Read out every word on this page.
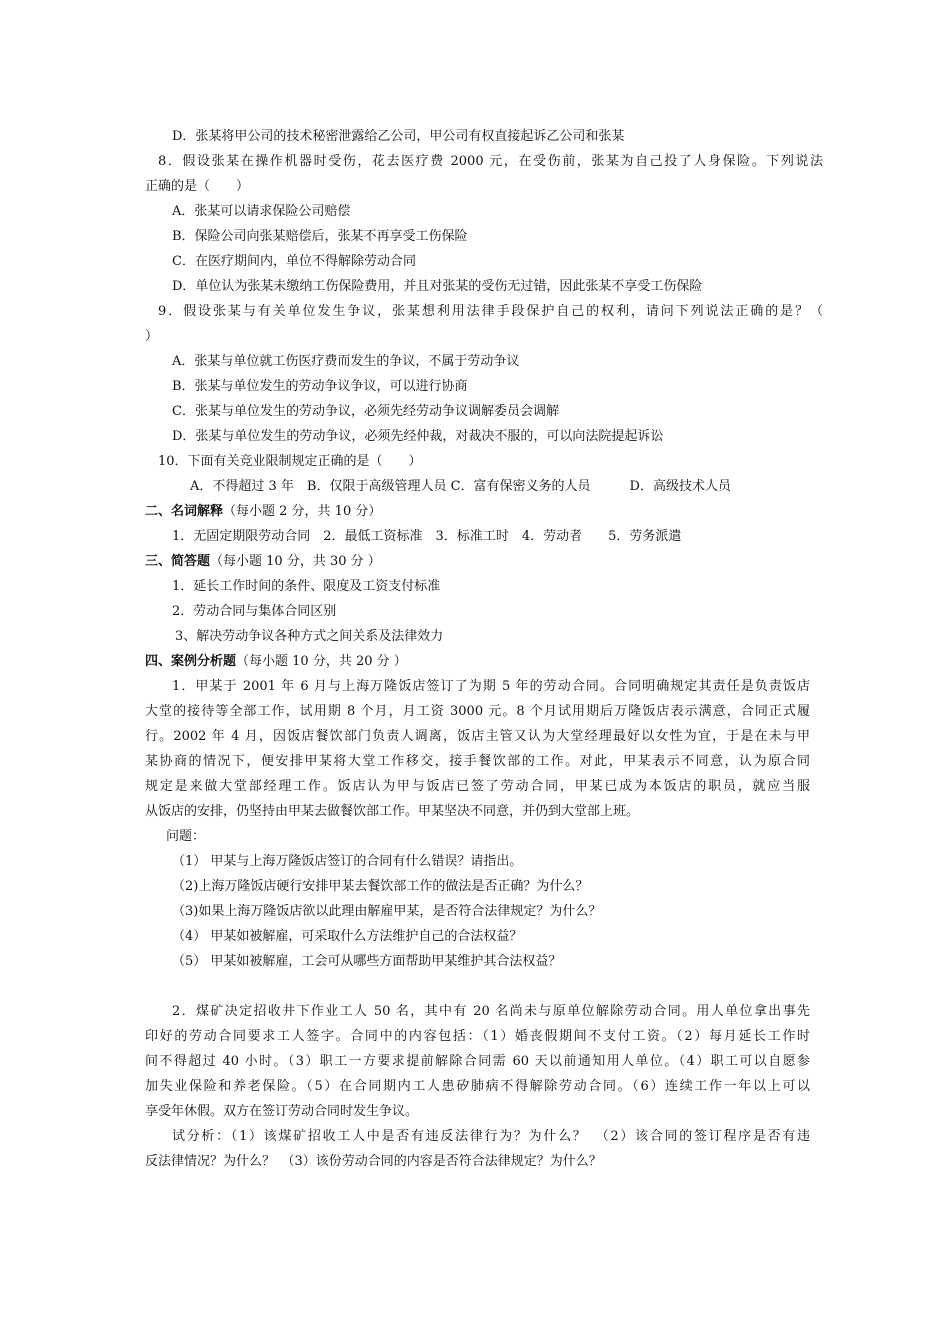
D．张某将甲公司的技术秘密泄露给乙公司，甲公司有权直接起诉乙公司和张某
8．假设张某在操作机器时受伤，花去医疗费 2000 元，在受伤前，张某为自己投了人身保险。下列说法
正确的是（　　）
A．张某可以请求保险公司赔偿
B．保险公司向张某赔偿后，张某不再享受工伤保险
C．在医疗期间内，单位不得解除劳动合同
D．单位认为张某未缴纳工伤保险费用，并且对张某的受伤无过错，因此张某不享受工伤保险
9．假设张某与有关单位发生争议，张某想利用法律手段保护自己的权利，请问下列说法正确的是？（
）
A．张某与单位就工伤医疗费而发生的争议，不属于劳动争议
B．张某与单位发生的劳动争议争议，可以进行协商
C．张某与单位发生的劳动争议，必须先经劳动争议调解委员会调解
D．张某与单位发生的劳动争议，必须先经仲裁，对裁决不服的，可以向法院提起诉讼
10．下面有关竞业限制规定正确的是（　　）
A．不得超过 3 年　B．仅限于高级管理人员 C．富有保密义务的人员　　　D．高级技术人员
二、名词解释（每小题 2 分，共 10 分）
1．无固定期限劳动合同　2．最低工资标准　3．标准工时　4．劳动者　　5．劳务派遣
三、简答题（每小题 10 分，共 30 分 ）
1．延长工作时间的条件、限度及工资支付标准
2．劳动合同与集体合同区别
3、解决劳动争议各种方式之间关系及法律效力
四、案例分析题（每小题 10 分，共 20 分 ）
1．甲某于 2001 年 6 月与上海万隆饭店签订了为期 5 年的劳动合同。合同明确规定其责任是负责饭店
大堂的接待等全部工作，试用期 8 个月，月工资 3000 元。8 个月试用期后万隆饭店表示满意，合同正式履
行。2002 年 4 月，因饭店餐饮部门负责人调离，饭店主管又认为大堂经理最好以女性为宜，于是在未与甲
某协商的情况下，便安排甲某将大堂工作移交，接手餐饮部的工作。对此，甲某表示不同意，认为原合同
规定是来做大堂部经理工作。饭店认为甲与饭店已签了劳动合同，甲某已成为本饭店的职员，就应当服
从饭店的安排，仍坚持由甲某去做餐饮部工作。甲某坚决不同意，并仍到大堂部上班。
问题：
（1） 甲某与上海万隆饭店签订的合同有什么错误？请指出。
（2)上海万隆饭店硬行安排甲某去餐饮部工作的做法是否正确？为什么？
（3)如果上海万隆饭店欲以此理由解雇甲某，是否符合法律规定？为什么？
（4） 甲某如被解雇，可采取什么方法维护自己的合法权益？
（5） 甲某如被解雇，工会可从哪些方面帮助甲某维护其合法权益？
2．煤矿决定招收井下作业工人 50 名，其中有 20 名尚未与原单位解除劳动合同。用人单位拿出事先
印好的劳动合同要求工人签字。合同中的内容包括：（1）婚丧假期间不支付工资。（2）每月延长工作时
间不得超过 40 小时。（3）职工一方要求提前解除合同需 60 天以前通知用人单位。（4）职工可以自愿参
加失业保险和养老保险。（5）在合同期内工人患矽肺病不得解除劳动合同。（6）连续工作一年以上可以
享受年休假。双方在签订劳动合同时发生争议。
试分析：（1）该煤矿招收工人中是否有违反法律行为？为什么？　（2）该合同的签订程序是否有违
反法律情况？为什么？　（3）该份劳动合同的内容是否符合法律规定？为什么？
